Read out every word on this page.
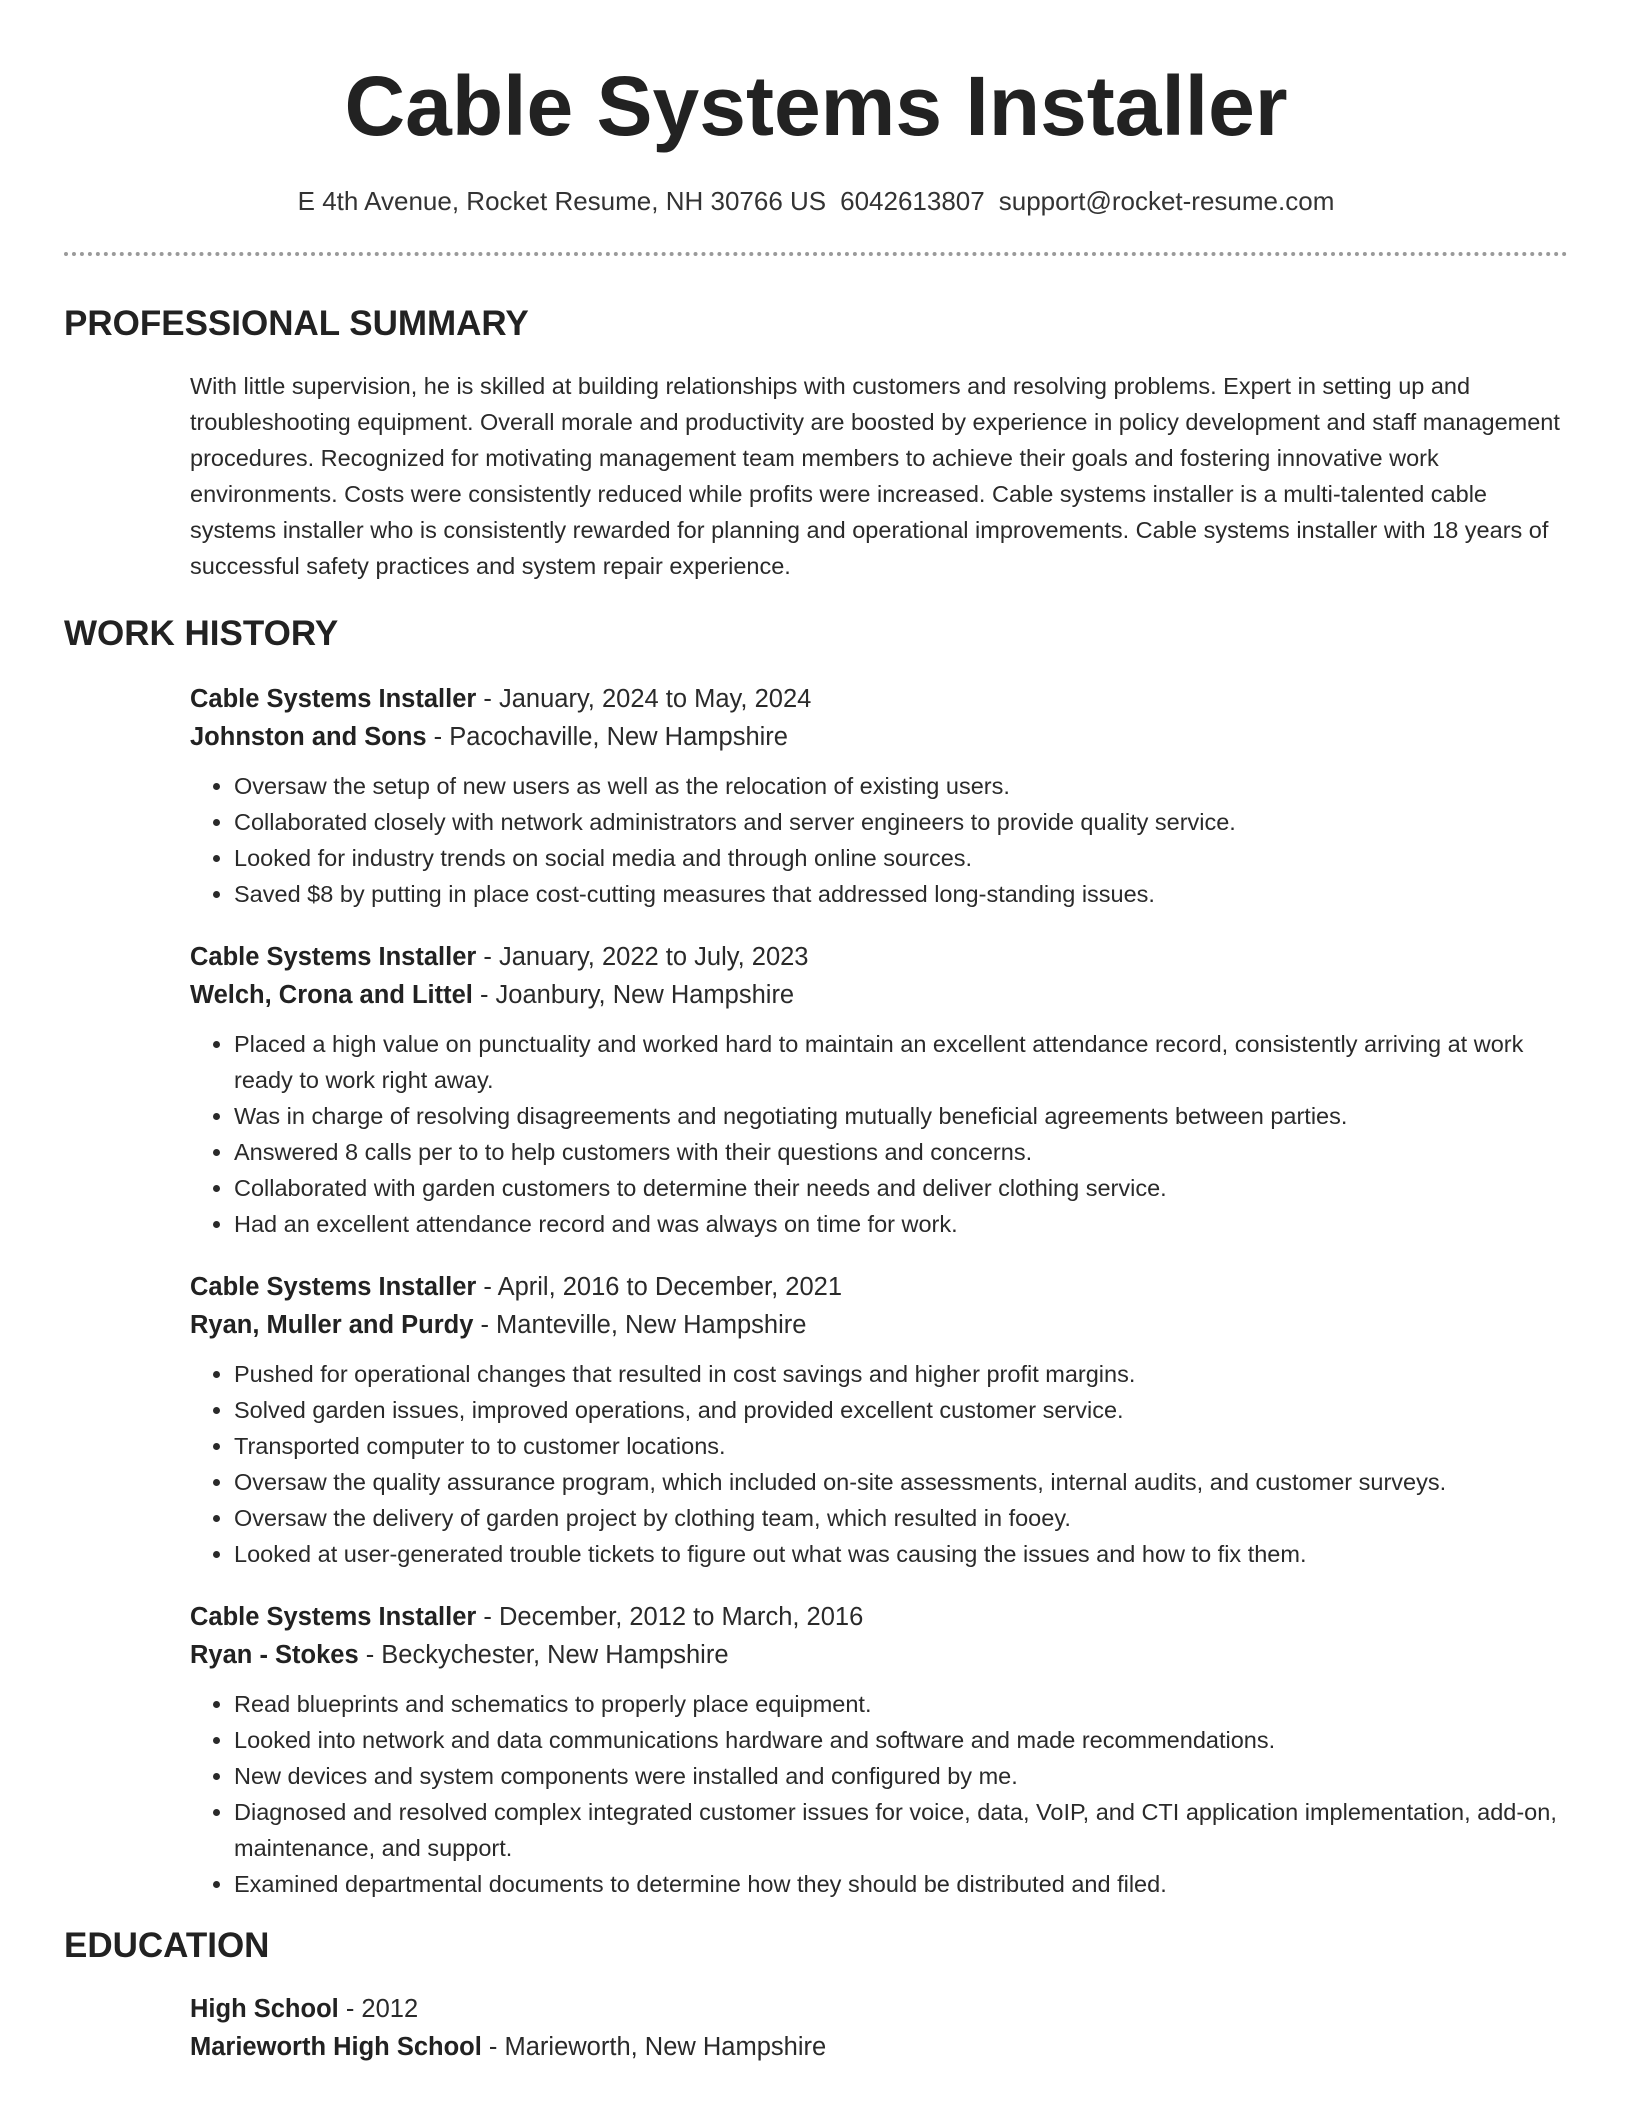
Cable Systems Installer
E 4th Avenue, Rocket Resume, NH 30766 US 6042613807 support@rocket-resume.com
PROFESSIONAL SUMMARY
With little supervision, he is skilled at building relationships with customers and resolving problems. Expert in setting up and troubleshooting equipment. Overall morale and productivity are boosted by experience in policy development and staff management procedures. Recognized for motivating management team members to achieve their goals and fostering innovative work environments. Costs were consistently reduced while profits were increased. Cable systems installer is a multi-talented cable systems installer who is consistently rewarded for planning and operational improvements. Cable systems installer with 18 years of successful safety practices and system repair experience.
WORK HISTORY
Cable Systems Installer - January, 2024 to May, 2024
Johnston and Sons - Pacochaville, New Hampshire
• Oversaw the setup of new users as well as the relocation of existing users.
• Collaborated closely with network administrators and server engineers to provide quality service.
• Looked for industry trends on social media and through online sources.
• Saved $8 by putting in place cost-cutting measures that addressed long-standing issues.
Cable Systems Installer - January, 2022 to July, 2023
Welch, Crona and Littel - Joanbury, New Hampshire
• Placed a high value on punctuality and worked hard to maintain an excellent attendance record, consistently arriving at work ready to work right away.
• Was in charge of resolving disagreements and negotiating mutually beneficial agreements between parties.
• Answered 8 calls per to to help customers with their questions and concerns.
• Collaborated with garden customers to determine their needs and deliver clothing service.
• Had an excellent attendance record and was always on time for work.
Cable Systems Installer - April, 2016 to December, 2021
Ryan, Muller and Purdy - Manteville, New Hampshire
• Pushed for operational changes that resulted in cost savings and higher profit margins.
• Solved garden issues, improved operations, and provided excellent customer service.
• Transported computer to to customer locations.
• Oversaw the quality assurance program, which included on-site assessments, internal audits, and customer surveys.
• Oversaw the delivery of garden project by clothing team, which resulted in fooey.
• Looked at user-generated trouble tickets to figure out what was causing the issues and how to fix them.
Cable Systems Installer - December, 2012 to March, 2016
Ryan - Stokes - Beckychester, New Hampshire
• Read blueprints and schematics to properly place equipment.
• Looked into network and data communications hardware and software and made recommendations.
• New devices and system components were installed and configured by me.
• Diagnosed and resolved complex integrated customer issues for voice, data, VoIP, and CTI application implementation, add-on, maintenance, and support.
• Examined departmental documents to determine how they should be distributed and filed.
EDUCATION
High School - 2012
Marieworth High School - Marieworth, New Hampshire
